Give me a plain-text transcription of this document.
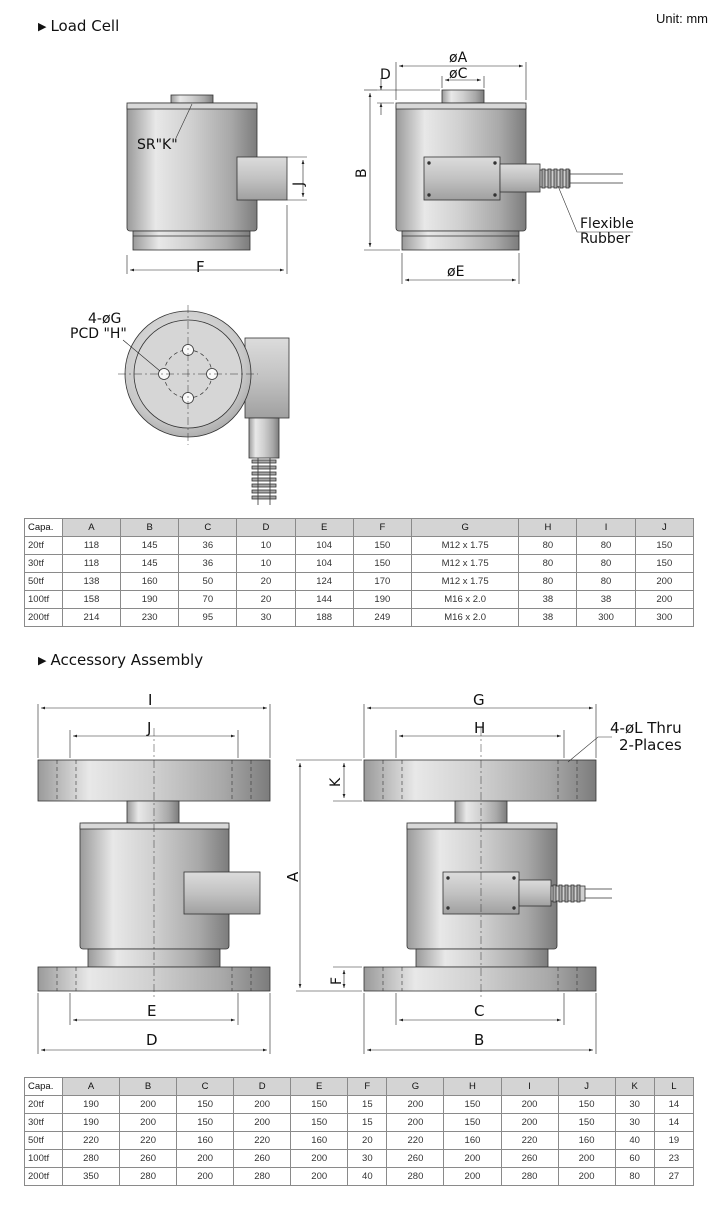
Unit: mm
▶ Load Cell
▶ Accessory Assembly
SR"K"
F
J
øA
øC
D
B
øE
Flexible
Rubber
4-øG
PCD "H"
I
J
E
D
G
H	4-øL Thru
2-Places
K
A
F
C
B
Capa.	A	B	C	D	E	F	G	H	I	J
20tf	118	145	36	10	104	150	M12 x 1.75	80	80	150
30tf	118	145	36	10	104	150	M12 x 1.75	80	80	150
50tf	138	160	50	20	124	170	M12 x 1.75	80	80	200
100tf	158	190	70	20	144	190	M16 x 2.0	38	38	200
200tf	214	230	95	30	188	249	M16 x 2.0	38	300	300
Capa.	A	B	C	D	E	F	G	H	I	J	K	L
20tf	190	200	150	200	150	15	200	150	200	150	30	14
30tf	190	200	150	200	150	15	200	150	200	150	30	14
50tf	220	220	160	220	160	20	220	160	220	160	40	19
100tf	280	260	200	260	200	30	260	200	260	200	60	23
200tf	350	280	200	280	200	40	280	200	280	200	80	27
